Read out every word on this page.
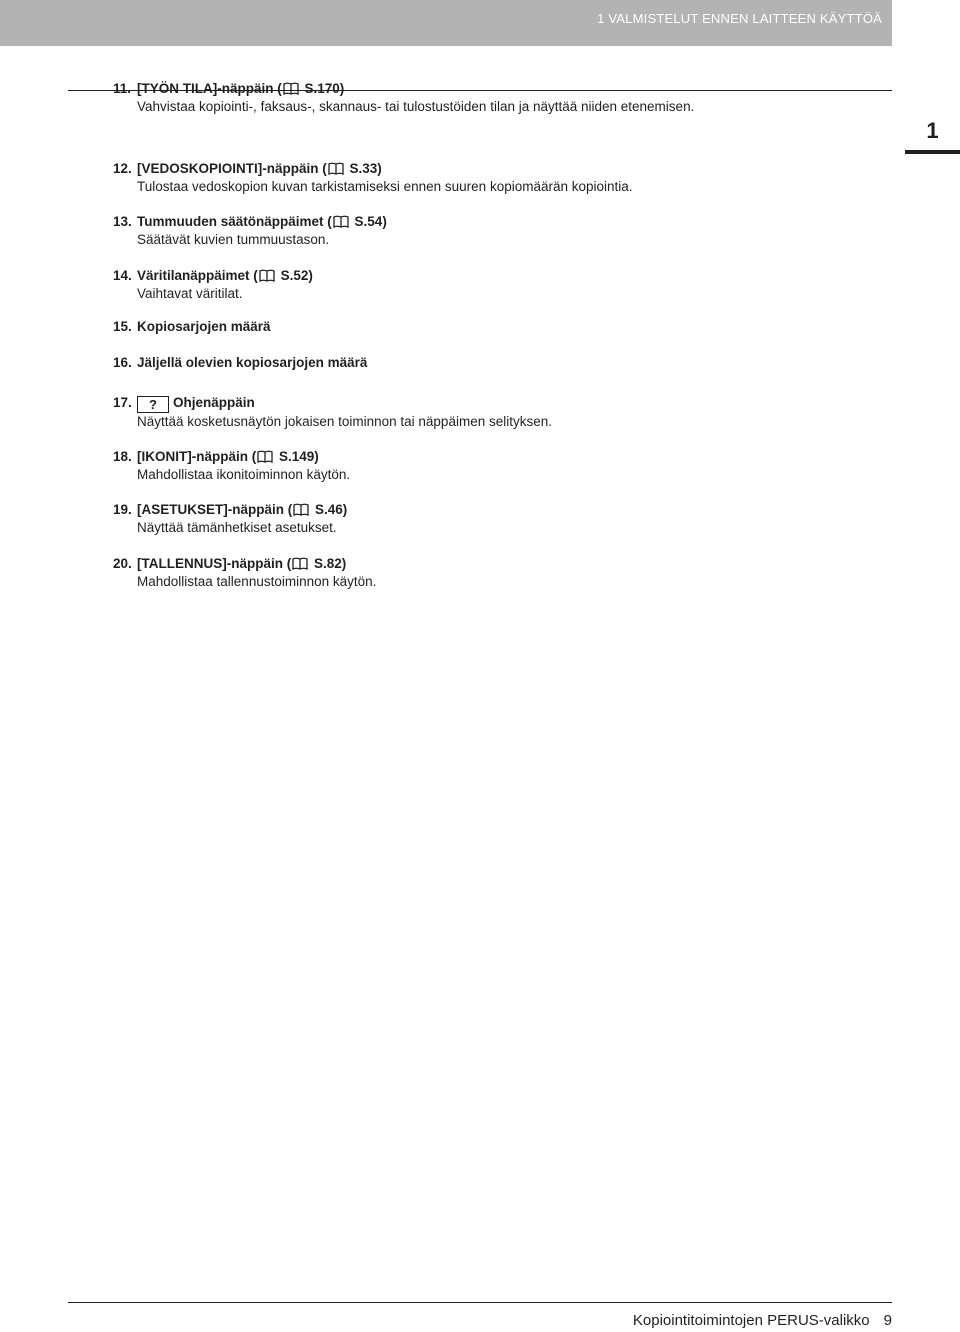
1 VALMISTELUT ENNEN LAITTEEN KÄYTTÖÄ
1
11. [TYÖN TILA]-näppäin ( S.170)
Vahvistaa kopiointi-, faksaus-, skannaus- tai tulostustöiden tilan ja näyttää niiden etenemisen.
12. [VEDOSKOPIOINTI]-näppäin ( S.33)
Tulostaa vedoskopion kuvan tarkistamiseksi ennen suuren kopiomäärän kopiointia.
13. Tummuuden säätönäppäimet ( S.54)
Säätävät kuvien tummuustason.
14. Väritilanäppäimet ( S.52)
Vaihtavat väritilat.
15. Kopiosarjojen määrä
16. Jäljellä olevien kopiosarjojen määrä
17. ? Ohjenäppäin
Näyttää kosketusnäytön jokaisen toiminnon tai näppäimen selityksen.
18. [IKONIT]-näppäin ( S.149)
Mahdollistaa ikonitoiminnon käytön.
19. [ASETUKSET]-näppäin ( S.46)
Näyttää tämänhetkiset asetukset.
20. [TALLENNUS]-näppäin ( S.82)
Mahdollistaa tallennustoiminnon käytön.
Kopiointitoimintojen PERUS-valikko 9
